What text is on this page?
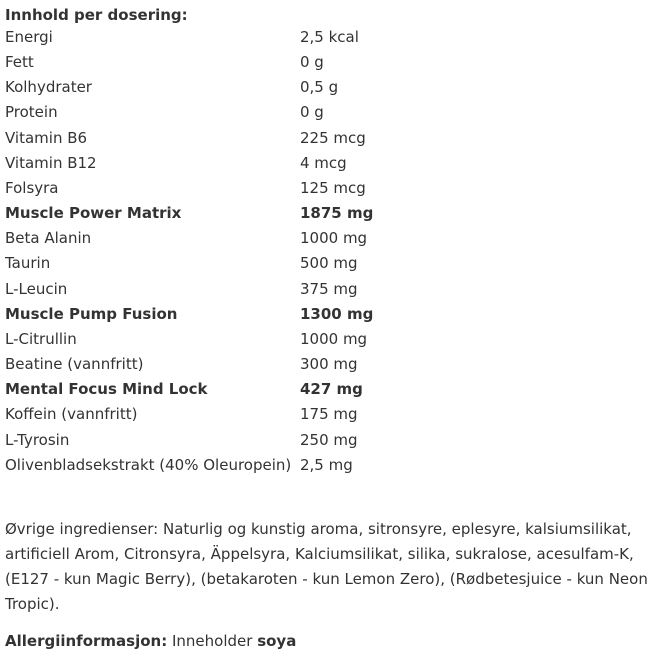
Innhold per dosering:
Energi	2,5 kcal
Fett	0 g
Kolhydrater	0,5 g
Protein	0 g
Vitamin B6	225 mcg
Vitamin B12	4 mcg
Folsyra	125 mcg
Muscle Power Matrix	1875 mg
Beta Alanin	1000 mg
Taurin	500 mg
L-Leucin	375 mg
Muscle Pump Fusion	1300 mg
L-Citrullin	1000 mg
Beatine (vannfritt)	300 mg
Mental Focus Mind Lock	427 mg
Koffein (vannfritt)	175 mg
L-Tyrosin	250 mg
Olivenbladsekstrakt (40% Oleuropein)	2,5 mg
Øvrige ingredienser: Naturlig og kunstig aroma, sitronsyre, eplesyre, kalsiumsilikat, artificiell Arom, Citronsyra, Äppelsyra, Kalciumsilikat, silika, sukralose, acesulfam-K, (E127 - kun Magic Berry), (betakaroten - kun Lemon Zero), (Rødbetesjuice - kun Neon Tropic).
Allergiinformasjon: Inneholder soya
